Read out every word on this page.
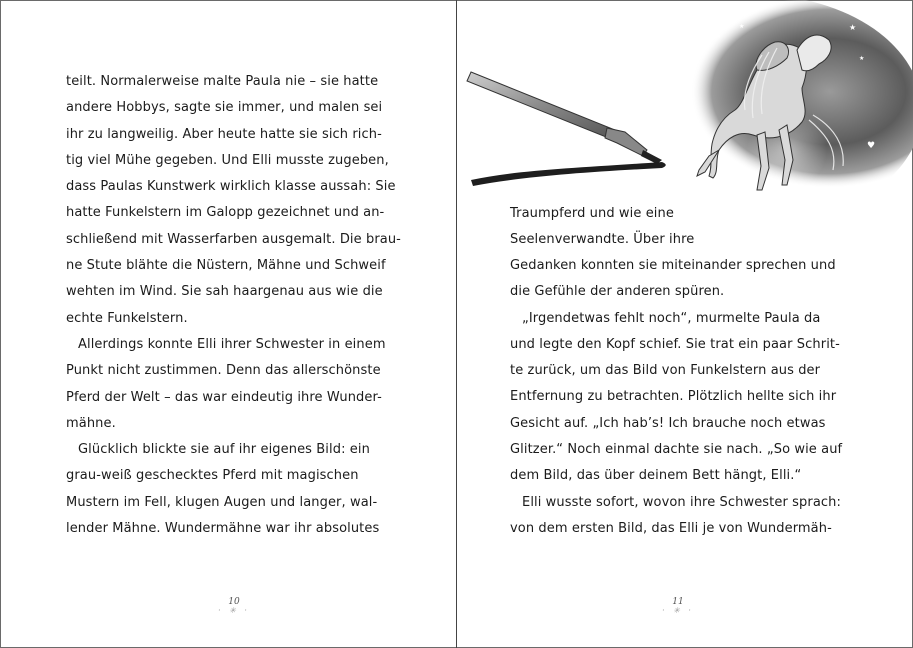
✦
★
★
★
★
★
★
✦
♥
♥
♥
★
teilt. Normalerweise malte Paula nie – sie hatte
andere Hobbys, sagte sie immer, und malen sei
ihr zu langweilig. Aber heute hatte sie sich rich-
tig viel Mühe gegeben. Und Elli musste zugeben,
dass Paulas Kunstwerk wirklich klasse aussah: Sie
hatte Funkelstern im Galopp gezeichnet und an-
schließend mit Wasserfarben ausgemalt. Die brau-
ne Stute blähte die Nüstern, Mähne und Schweif
wehten im Wind. Sie sah haargenau aus wie die
echte Funkelstern.
Allerdings konnte Elli ihrer Schwester in einem
Punkt nicht zustimmen. Denn das allerschönste
Pferd der Welt – das war eindeutig ihre Wunder-
mähne.
Glücklich blickte sie auf ihr eigenes Bild: ein
grau-weiß geschecktes Pferd mit magischen
Mustern im Fell, klugen Augen und langer, wal-
lender Mähne. Wundermähne war ihr absolutes
Traumpferd und wie eine
Seelenverwandte. Über ihre
Gedanken konnten sie miteinander sprechen und
die Gefühle der anderen spüren.
„Irgendetwas fehlt noch“, murmelte Paula da
und legte den Kopf schief. Sie trat ein paar Schrit-
te zurück, um das Bild von Funkelstern aus der
Entfernung zu betrachten. Plötzlich hellte sich ihr
Gesicht auf. „Ich hab’s! Ich brauche noch etwas
Glitzer.“ Noch einmal dachte sie nach. „So wie auf
dem Bild, das über deinem Bett hängt, Elli.“
Elli wusste sofort, wovon ihre Schwester sprach:
von dem ersten Bild, das Elli je von Wundermäh-
10
· ✳ ·
11
· ✳ ·
